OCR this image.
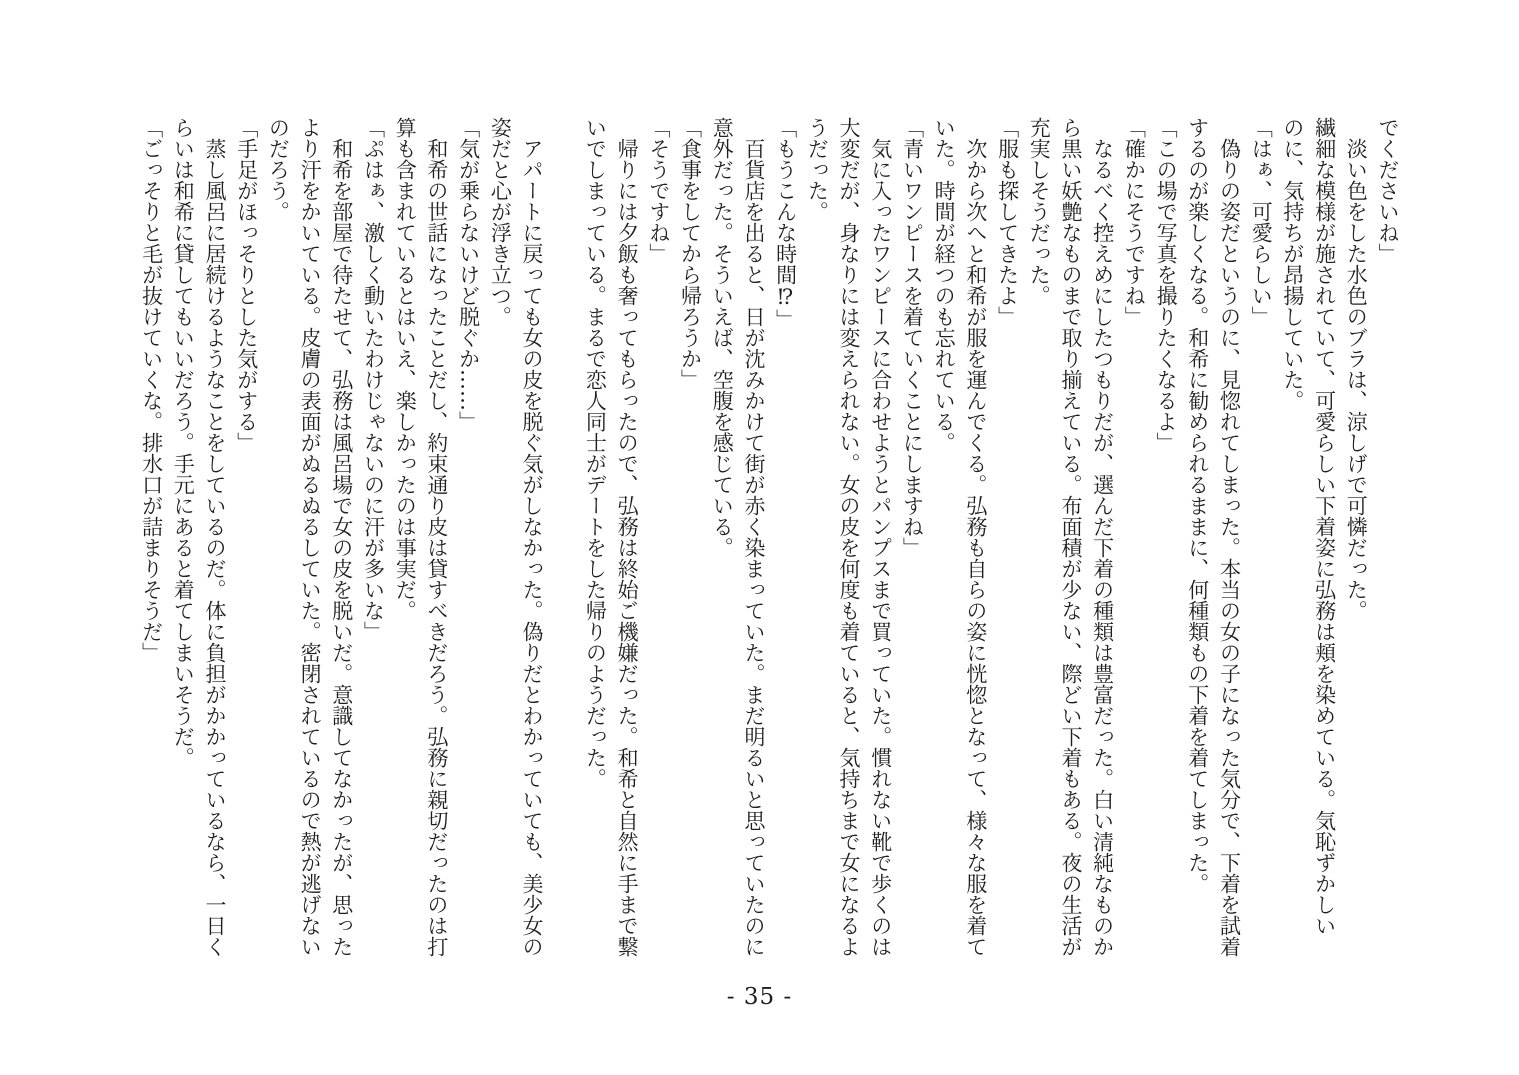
でくださいね」

　淡い色をした水色のブラは、涼しげで可憐だった。

繊細な模様が施されていて、可愛らしい下着姿に弘務は頬を染めている。気恥ずかしい

のに、気持ちが昂揚していた。

「はぁ、可愛らしい」

　偽りの姿だというのに、見惚れてしまった。本当の女の子になった気分で、下着を試着

するのが楽しくなる。和希に勧められるままに、何種類もの下着を着てしまった。

「この場で写真を撮りたくなるよ」

「確かにそうですね」

　なるべく控えめにしたつもりだが、選んだ下着の種類は豊富だった。白い清純なものか

ら黒い妖艶なものまで取り揃えている。布面積が少ない、際どい下着もある。夜の生活が

充実しそうだった。

「服も探してきたよ」

　次から次へと和希が服を運んでくる。弘務も自らの姿に恍惚となって、様々な服を着て

いた。時間が経つのも忘れている。

「青いワンピースを着ていくことにしますね」

　気に入ったワンピースに合わせようとパンプスまで買っていた。慣れない靴で歩くのは

大変だが、身なりには変えられない。女の皮を何度も着ていると、気持ちまで女になるよ

うだった。

「もうこんな時間⁉」

　百貨店を出ると、日が沈みかけて街が赤く染まっていた。まだ明るいと思っていたのに

意外だった。そういえば、空腹を感じている。

「食事をしてから帰ろうか」

「そうですね」

　帰りには夕飯も奢ってもらったので、弘務は終始ご機嫌だった。和希と自然に手まで繋

いでしまっている。まるで恋人同士がデートをした帰りのようだった。

　アパートに戻っても女の皮を脱ぐ気がしなかった。偽りだとわかっていても、美少女の

姿だと心が浮き立つ。

「気が乗らないけど脱ぐか……」

　和希の世話になったことだし、約束通り皮は貸すべきだろう。弘務に親切だったのは打

算も含まれているとはいえ、楽しかったのは事実だ。

「ぷはぁ、激しく動いたわけじゃないのに汗が多いな」

　和希を部屋で待たせて、弘務は風呂場で女の皮を脱いだ。意識してなかったが、思った

より汗をかいている。皮膚の表面がぬるぬるしていた。密閉されているので熱が逃げない

のだろう。

「手足がほっそりとした気がする」

　蒸し風呂に居続けるようなことをしているのだ。体に負担がかかっているなら、一日く

らいは和希に貸してもいいだろう。手元にあると着てしまいそうだ。

「ごっそりと毛が抜けていくな。排水口が詰まりそうだ」

- 35 -
